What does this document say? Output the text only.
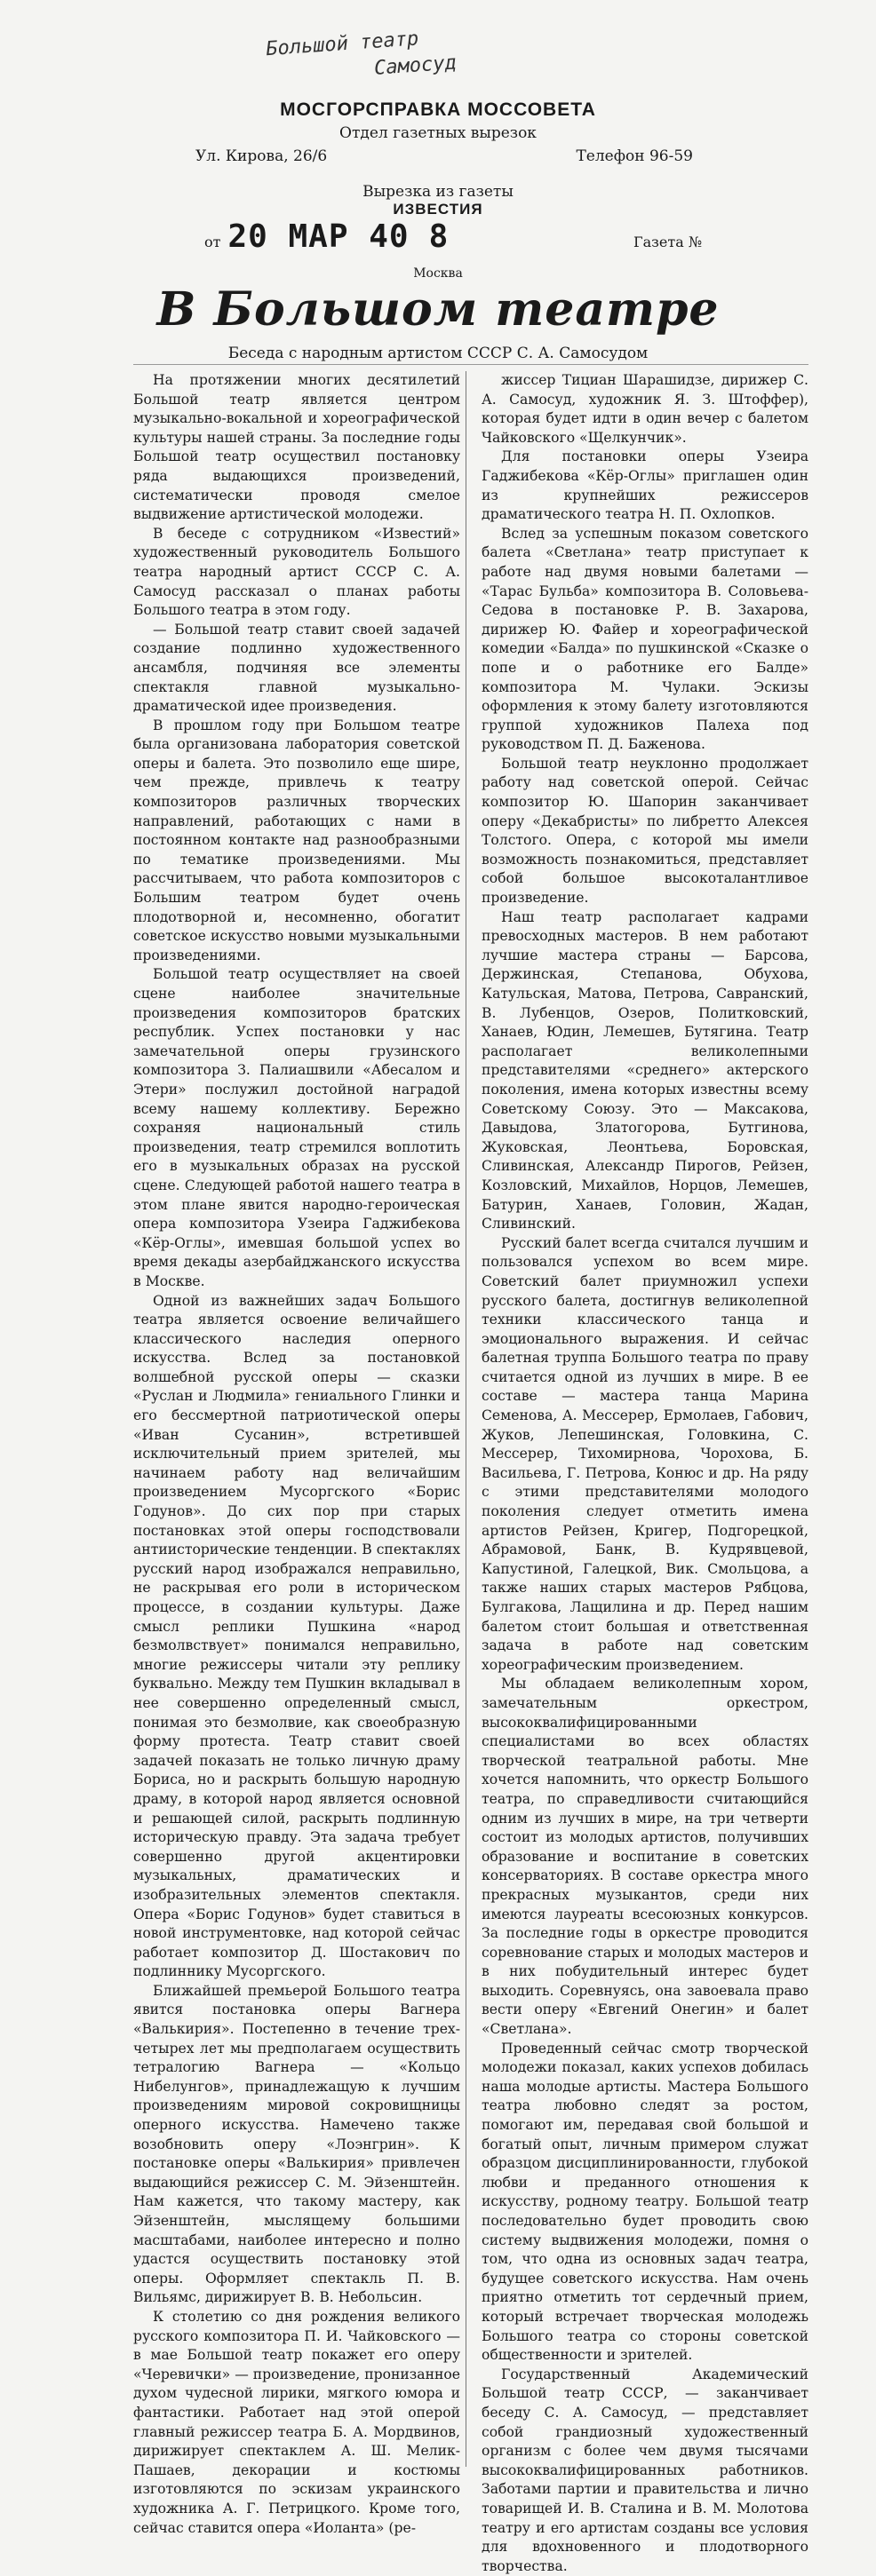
Большой театр
Самосуд
МОСГОРСПРАВКА МОССОВЕТА
Отдел газетных вырезок
Ул. Кирова, 26/6	Телефон 96-59
Вырезка из газеты
ИЗВЕСТИЯ
от 20 МАР 40 8	Газета №
Москва
В Большом театре
Беседа с народным артистом СССР С. А. Самосудом

На протяжении многих десятилетий Большой театр является центром музыкально-вокальной и хореографической культуры нашей страны. За последние годы Большой театр осуществил постановку ряда выдающихся произведений, систематически проводя смелое выдвижение артистической молодежи.

В беседе с сотрудником «Известий» художественный руководитель Большого театра народный артист СССР С. А. Самосуд рассказал о планах работы Большого театра в этом году.

— Большой театр ставит своей задачей создание подлинно художественного ансамбля, подчиняя все элементы спектакля главной музыкально-драматической идее произведения.

В прошлом году при Большом театре была организована лаборатория советской оперы и балета. Это позволило еще шире, чем прежде, привлечь к театру композиторов различных творческих направлений, работающих с нами в постоянном контакте над разнообразными по тематике произведениями. Мы рассчитываем, что работа композиторов с Большим театром будет очень плодотворной и, несомненно, обогатит советское искусство новыми музыкальными произведениями.

Большой театр осуществляет на своей сцене наиболее значительные произведения композиторов братских республик. Успех постановки у нас замечательной оперы грузинского композитора З. Палиашвили «Абесалом и Этери» послужил достойной наградой всему нашему коллективу. Бережно сохраняя национальный стиль произведения, театр стремился воплотить его в музыкальных образах на русской сцене. Следующей работой нашего театра в этом плане явится народно-героическая опера композитора Узеира Гаджибекова «Кёр-Оглы», имевшая большой успех во время декады азербайджанского искусства в Москве.

Одной из важнейших задач Большого театра является освоение величайшего классического наследия оперного искусства. Вслед за постановкой волшебной русской оперы — сказки «Руслан и Людмила» гениального Глинки и его бессмертной патриотической оперы «Иван Сусанин», встретившей исключительный прием зрителей, мы начинаем работу над величайшим произведением Мусоргского «Борис Годунов». До сих пор при старых постановках этой оперы господствовали антиисторические тенденции. В спектаклях русский народ изображался неправильно, не раскрывая его роли в историческом процессе, в создании культуры. Даже смысл реплики Пушкина «народ безмолвствует» понимался неправильно, многие режиссеры читали эту реплику буквально. Между тем Пушкин вкладывал в нее совершенно определенный смысл, понимая это безмолвие, как своеобразную форму протеста. Театр ставит своей задачей показать не только личную драму Бориса, но и раскрыть большую народную драму, в которой народ является основной и решающей силой, раскрыть подлинную историческую правду. Эта задача требует совершенно другой акцентировки музыкальных, драматических и изобразительных элементов спектакля. Опера «Борис Годунов» будет ставиться в новой инструментовке, над которой сейчас работает композитор Д. Шостакович по подлиннику Мусоргского.

Ближайшей премьерой Большого театра явится постановка оперы Вагнера «Валькирия». Постепенно в течение трех-четырех лет мы предполагаем осуществить тетралогию Вагнера — «Кольцо Нибелунгов», принадлежащую к лучшим произведениям мировой сокровищницы оперного искусства. Намечено также возобновить оперу «Лоэнгрин». К постановке оперы «Валькирия» привлечен выдающийся режиссер С. М. Эйзенштейн. Нам кажется, что такому мастеру, как Эйзенштейн, мыслящему большими масштабами, наиболее интересно и полно удастся осуществить постановку этой оперы. Оформляет спектакль П. В. Вильямс, дирижирует В. В. Небольсин.

К столетию со дня рождения великого русского композитора П. И. Чайковского — в мае Большой театр покажет его оперу «Черевички» — произведение, пронизанное духом чудесной лирики, мягкого юмора и фантастики. Работает над этой оперой главный режиссер театра Б. А. Мордвинов, дирижирует спектаклем А. Ш. Мелик-Пашаев, декорации и костюмы изготовляются по эскизам украинского художника А. Г. Петрицкого. Кроме того, сейчас ставится опера «Иоланта» (ре-

жиссер Тициан Шарашидзе, дирижер С. А. Самосуд, художник Я. З. Штоффер), которая будет идти в один вечер с балетом Чайковского «Щелкунчик».

Для постановки оперы Узеира Гаджибекова «Кёр-Оглы» приглашен один из крупнейших режиссеров драматического театра Н. П. Охлопков.

Вслед за успешным показом советского балета «Светлана» театр приступает к работе над двумя новыми балетами — «Тарас Бульба» композитора В. Соловьева-Седова в постановке Р. В. Захарова, дирижер Ю. Файер и хореографической комедии «Балда» по пушкинской «Сказке о попе и о работнике его Балде» композитора М. Чулаки. Эскизы оформления к этому балету изготовляются группой художников Палеха под руководством П. Д. Баженова.

Большой театр неуклонно продолжает работу над советской оперой. Сейчас композитор Ю. Шапорин заканчивает оперу «Декабристы» по либретто Алексея Толстого. Опера, с которой мы имели возможность познакомиться, представляет собой большое высокоталантливое произведение.

Наш театр располагает кадрами превосходных мастеров. В нем работают лучшие мастера страны — Барсова, Держинская, Степанова, Обухова, Катульская, Матова, Петрова, Савранский, В. Лубенцов, Озеров, Политковский, Ханаев, Юдин, Лемешев, Бутягина. Театр располагает великолепными представителями «среднего» актерского поколения, имена которых известны всему Советскому Союзу. Это — Максакова, Давыдова, Златогорова, Бутгинова, Жуковская, Леонтьева, Боровская, Сливинская, Александр Пирогов, Рейзен, Козловский, Михайлов, Норцов, Лемешев, Батурин, Ханаев, Головин, Жадан, Сливинский.

Русский балет всегда считался лучшим и пользовался успехом во всем мире. Советский балет приумножил успехи русского балета, достигнув великолепной техники классического танца и эмоционального выражения. И сейчас балетная труппа Большого театра по праву считается одной из лучших в мире. В ее составе — мастера танца Марина Семенова, А. Мессерер, Ермолаев, Габович, Жуков, Лепешинская, Головкина, С. Мессерер, Тихомирнова, Чорохова, Б. Васильева, Г. Петрова, Конюс и др. На ряду с этими представителями молодого поколения следует отметить имена артистов Рейзен, Кригер, Подгорецкой, Абрамовой, Банк, В. Кудрявцевой, Капустиной, Галецкой, Вик. Смольцова, а также наших старых мастеров Рябцова, Булгакова, Лащилина и др. Перед нашим балетом стоит большая и ответственная задача в работе над советским хореографическим произведением.

Мы обладаем великолепным хором, замечательным оркестром, высококвалифицированными специалистами во всех областях творческой театральной работы. Мне хочется напомнить, что оркестр Большого театра, по справедливости считающийся одним из лучших в мире, на три четверти состоит из молодых артистов, получивших образование и воспитание в советских консерваториях. В составе оркестра много прекрасных музыкантов, среди них имеются лауреаты всесоюзных конкурсов. За последние годы в оркестре проводится соревнование старых и молодых мастеров и в них побудительный интерес будет выходить. Соревнуясь, она завоевала право вести оперу «Евгений Онегин» и балет «Светлана».

Проведенный сейчас смотр творческой молодежи показал, каких успехов добилась наша молодые артисты. Мастера Большого театра любовно следят за ростом, помогают им, передавая свой большой и богатый опыт, личным примером служат образцом дисциплинированности, глубокой любви и преданного отношения к искусству, родному театру. Большой театр последовательно будет проводить свою систему выдвижения молодежи, помня о том, что одна из основных задач театра, будущее советского искусства. Нам очень приятно отметить тот сердечный прием, который встречает творческая молодежь Большого театра со стороны советской общественности и зрителей.

Государственный Академический Большой театр СССР, — заканчивает беседу С. А. Самосуд, — представляет собой грандиозный художественный организм с более чем двумя тысячами высококвалифицированных работников. Заботами партии и правительства и лично товарищей И. В. Сталина и В. М. Молотова театру и его артистам созданы все условия для вдохновенного и плодотворного творчества.
